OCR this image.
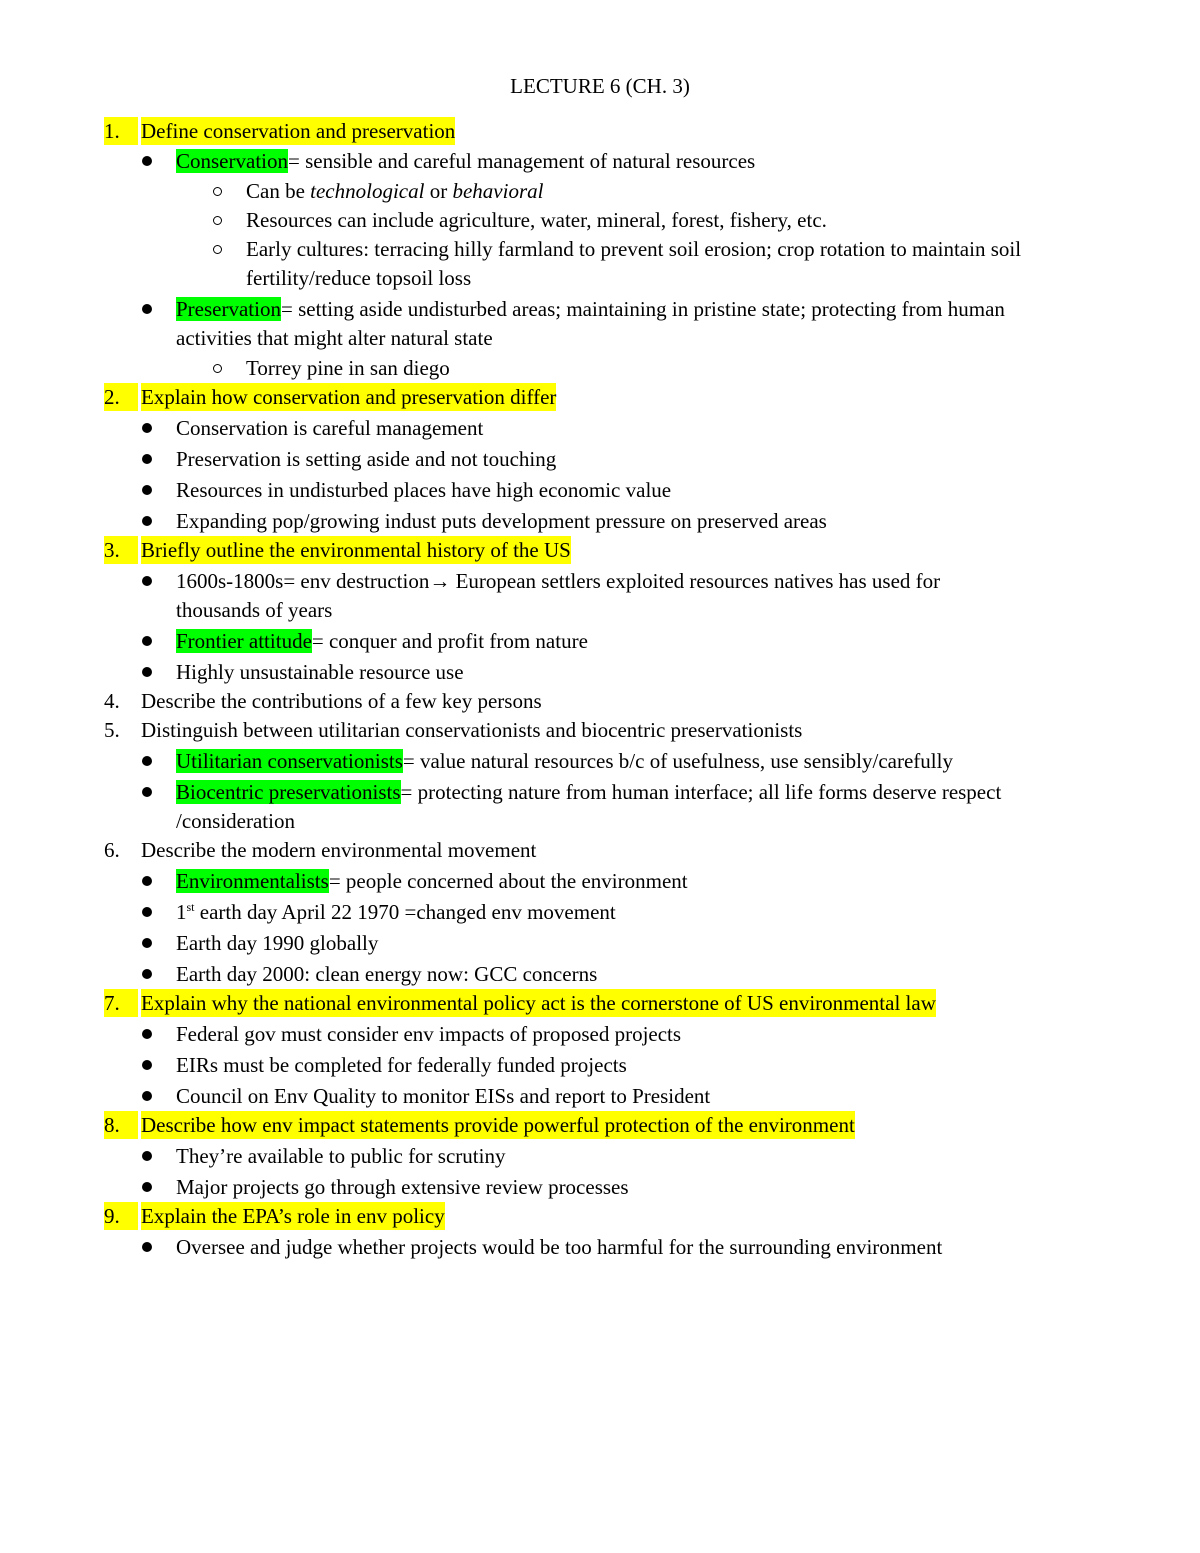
LECTURE 6 (CH. 3)
1.	Define conservation and preservation
Conservation= sensible and careful management of natural resources
Can be technological or behavioral
Resources can include agriculture, water, mineral, forest, fishery, etc.
Early cultures: terracing hilly farmland to prevent soil erosion; crop rotation to maintain soil
fertility/reduce topsoil loss
Preservation= setting aside undisturbed areas; maintaining in pristine state; protecting from human
activities that might alter natural state
Torrey pine in san diego
2.	Explain how conservation and preservation differ
Conservation is careful management
Preservation is setting aside and not touching
Resources in undisturbed places have high economic value
Expanding pop/growing indust puts development pressure on preserved areas
3.	Briefly outline the environmental history of the US
1600s-1800s= env destruction→ European settlers exploited resources natives has used for
thousands of years
Frontier attitude= conquer and profit from nature
Highly unsustainable resource use
4.	Describe the contributions of a few key persons
5.	Distinguish between utilitarian conservationists and biocentric preservationists
Utilitarian conservationists= value natural resources b/c of usefulness, use sensibly/carefully
Biocentric preservationists= protecting nature from human interface; all life forms deserve respect
/consideration
6.	Describe the modern environmental movement
Environmentalists= people concerned about the environment
1st earth day April 22 1970 =changed env movement
Earth day 1990 globally
Earth day 2000: clean energy now: GCC concerns
7.	Explain why the national environmental policy act is the cornerstone of US environmental law
Federal gov must consider env impacts of proposed projects
EIRs must be completed for federally funded projects
Council on Env Quality to monitor EISs and report to President
8.	Describe how env impact statements provide powerful protection of the environment
They’re available to public for scrutiny
Major projects go through extensive review processes
9.	Explain the EPA’s role in env policy
Oversee and judge whether projects would be too harmful for the surrounding environment
